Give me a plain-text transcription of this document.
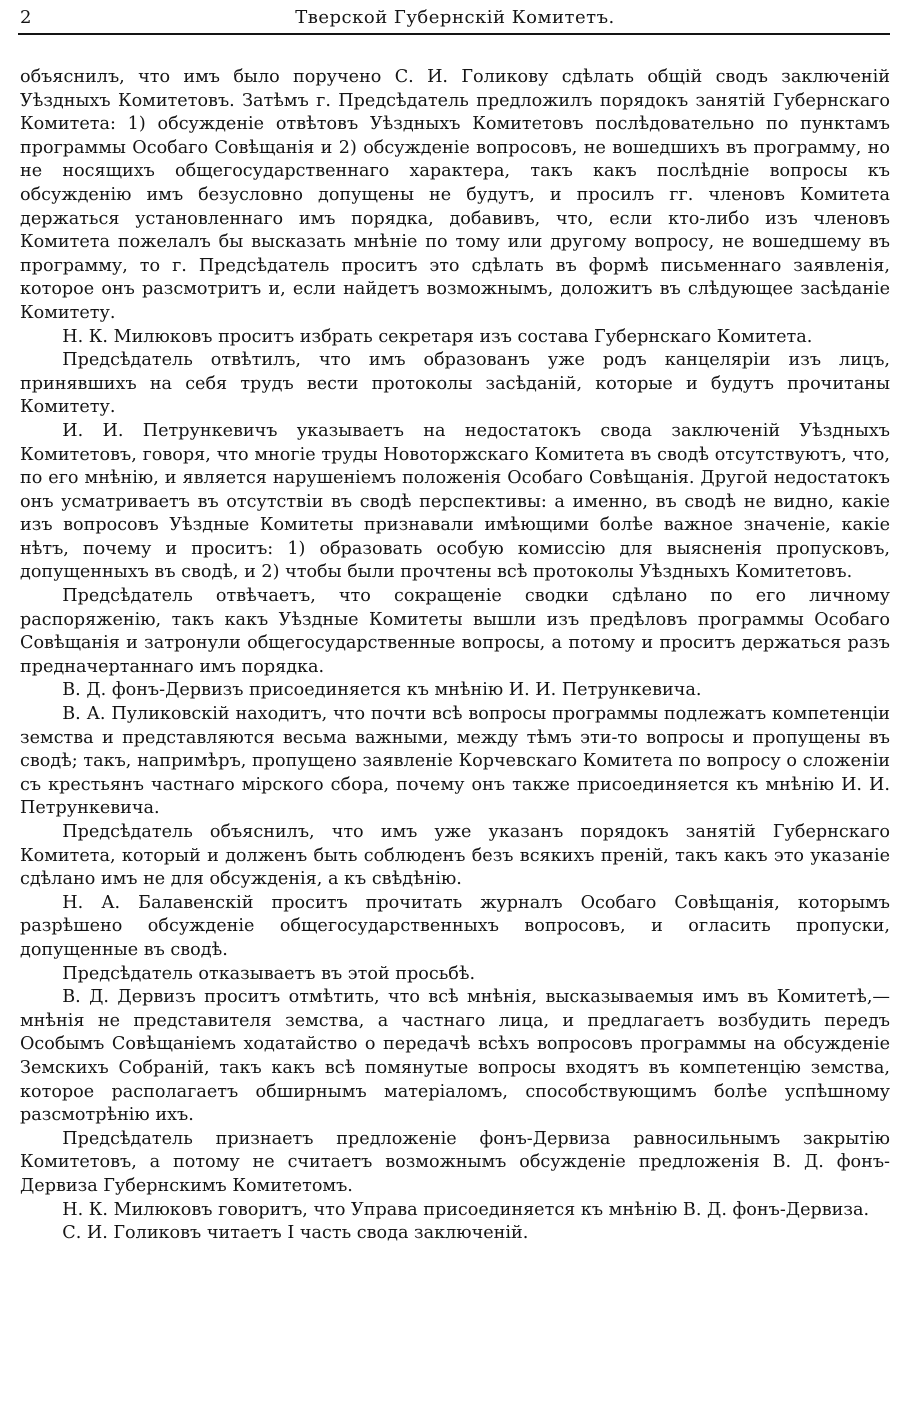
2	Тверской Губернскій Комитетъ.

объяснилъ, что имъ было поручено С. И. Голикову сдѣлать общій сводъ заключеній Уѣздныхъ Комитетовъ. Затѣмъ г. Предсѣдатель предложилъ порядокъ занятій Губернскаго Комитета: 1) обсужденіе отвѣтовъ Уѣздныхъ Комитетовъ послѣдовательно по пунктамъ программы Особаго Совѣщанія и 2) обсужденіе вопросовъ, не вошедшихъ въ программу, но не носящихъ общегосударственнаго характера, такъ какъ послѣдніе вопросы къ обсужденію имъ безусловно допущены не будутъ, и просилъ гг. членовъ Комитета держаться установленнаго имъ порядка, добавивъ, что, если кто-либо изъ членовъ Комитета пожелалъ бы высказать мнѣніе по тому или другому вопросу, не вошедшему въ программу, то г. Предсѣдатель проситъ это сдѣлать въ формѣ письменнаго заявленія, которое онъ разсмотритъ и, если найдетъ возможнымъ, доложитъ въ слѣдующее засѣданіе Комитету.

Н. К. Милюковъ проситъ избрать секретаря изъ состава Губернскаго Комитета.

Предсѣдатель отвѣтилъ, что имъ образованъ уже родъ канцеляріи изъ лицъ, принявшихъ на себя трудъ вести протоколы засѣданій, которые и будутъ прочитаны Комитету.

И. И. Петрункевичъ указываетъ на недостатокъ свода заключеній Уѣздныхъ Комитетовъ, говоря, что многіе труды Новоторжскаго Комитета въ сводѣ отсутствуютъ, что, по его мнѣнію, и является нарушеніемъ положенія Особаго Совѣщанія. Другой недостатокъ онъ усматриваетъ въ отсутствіи въ сводѣ перспективы: а именно, въ сводѣ не видно, какіе изъ вопросовъ Уѣздные Комитеты признавали имѣющими болѣе важное значеніе, какіе нѣтъ, почему и проситъ: 1) образовать особую комиссію для выясненія пропусковъ, допущенныхъ въ сводѣ, и 2) чтобы были прочтены всѣ протоколы Уѣздныхъ Комитетовъ.

Предсѣдатель отвѣчаетъ, что сокращеніе сводки сдѣлано по его личному распоряженію, такъ какъ Уѣздные Комитеты вышли изъ предѣловъ программы Особаго Совѣщанія и затронули общегосударственные вопросы, а потому и проситъ держаться разъ предначертаннаго имъ порядка.

В. Д. фонъ-Дервизъ присоединяется къ мнѣнію И. И. Петрункевича.

В. А. Пуликовскій находитъ, что почти всѣ вопросы программы подлежатъ компетенціи земства и представляются весьма важными, между тѣмъ эти-то вопросы и пропущены въ сводѣ; такъ, напримѣръ, пропущено заявленіе Корчевскаго Комитета по вопросу о сложеніи съ крестьянъ частнаго мірского сбора, почему онъ также присоединяется къ мнѣнію И. И. Петрункевича.

Предсѣдатель объяснилъ, что имъ уже указанъ порядокъ занятій Губернскаго Комитета, который и долженъ быть соблюденъ безъ всякихъ преній, такъ какъ это указаніе сдѣлано имъ не для обсужденія, а къ свѣдѣнію.

Н. А. Балавенскій проситъ прочитать журналъ Особаго Совѣщанія, которымъ разрѣшено обсужденіе общегосударственныхъ вопросовъ, и огласить пропуски, допущенные въ сводѣ.

Предсѣдатель отказываетъ въ этой просьбѣ.

В. Д. Дервизъ проситъ отмѣтить, что всѣ мнѣнія, высказываемыя имъ въ Комитетѣ,—мнѣнія не представителя земства, а частнаго лица, и предлагаетъ возбудить передъ Особымъ Совѣщаніемъ ходатайство о передачѣ всѣхъ вопросовъ программы на обсужденіе Земскихъ Собраній, такъ какъ всѣ помянутые вопросы входятъ въ компетенцію земства, которое располагаетъ обширнымъ матеріаломъ, способствующимъ болѣе успѣшному разсмотрѣнію ихъ.

Предсѣдатель признаетъ предложеніе фонъ-Дервиза равносильнымъ закрытію Комитетовъ, а потому не считаетъ возможнымъ обсужденіе предложенія В. Д. фонъ-Дервиза Губернскимъ Комитетомъ.

Н. К. Милюковъ говоритъ, что Управа присоединяется къ мнѣнію В. Д. фонъ-Дервиза.

С. И. Голиковъ читаетъ I часть свода заключеній.
